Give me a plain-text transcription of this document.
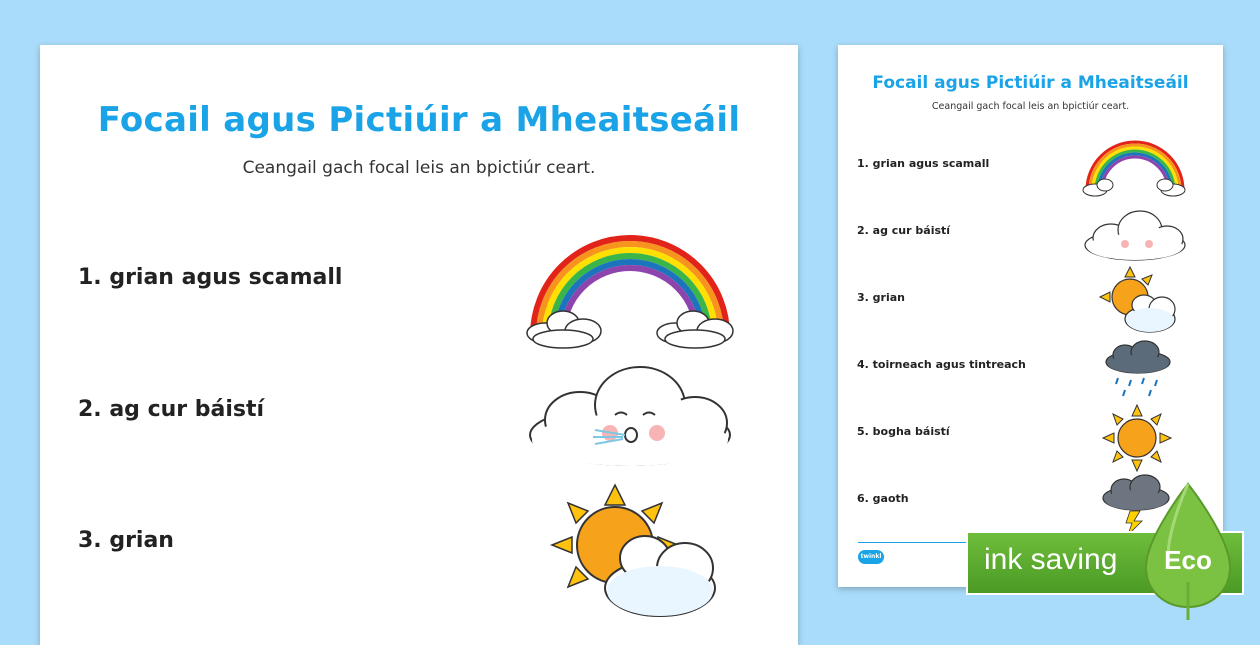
Focail agus Pictiúir a Mheaitseáil
Ceangail gach focal leis an bpictiúr ceart.
1. grian agus scamall
2. ag cur báistí
3. grian
Focail agus Pictiúir a Mheaitseáil
Ceangail gach focal leis an bpictiúr ceart.
1. grian agus scamall
2. ag cur báistí
3. grian
4. toirneach agus tintreach
5. bogha báistí
6. gaoth
twinkl	ink saving Eco
